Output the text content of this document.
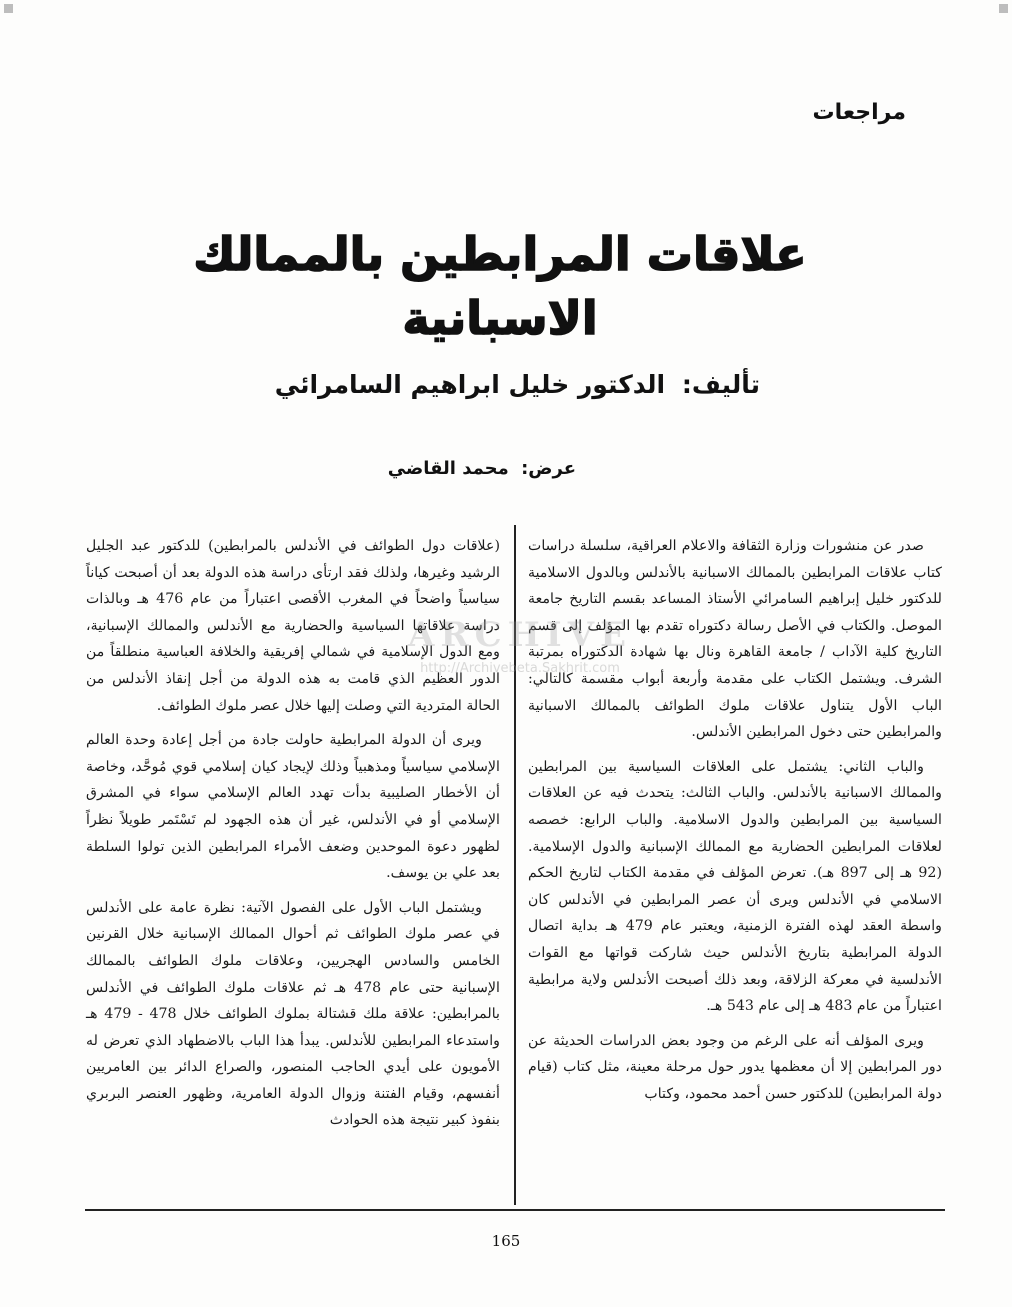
مراجعات
علاقات المرابطين بالممالك
الاسبانية
تأليف: الدكتور خليل ابراهيم السامرائي
عرض: محمد القاضي

صدر عن منشورات وزارة الثقافة والاعلام العراقية، سلسلة دراسات كتاب علاقات المرابطين بالممالك الاسبانية بالأندلس وبالدول الاسلامية للدكتور خليل إبراهيم السامرائي الأستاذ المساعد بقسم التاريخ جامعة الموصل. والكتاب في الأصل رسالة دكتوراه تقدم بها المؤلف إلى قسم التاريخ كلية الآداب / جامعة القاهرة ونال بها شهادة الدكتوراه بمرتبة الشرف. ويشتمل الكتاب على مقدمة وأربعة أبواب مقسمة كالتالي: الباب الأول يتناول علاقات ملوك الطوائف بالممالك الاسبانية والمرابطين حتى دخول المرابطين الأندلس.

والباب الثاني: يشتمل على العلاقات السياسية بين المرابطين والممالك الاسبانية بالأندلس. والباب الثالث: يتحدث فيه عن العلاقات السياسية بين المرابطين والدول الاسلامية. والباب الرابع: خصصه لعلاقات المرابطين الحضارية مع الممالك الإسبانية والدول الإسلامية. (92 هـ إلى 897 هـ). تعرض المؤلف في مقدمة الكتاب لتاريخ الحكم الاسلامي في الأندلس ويرى أن عصر المرابطين في الأندلس كان واسطة العقد لهذه الفترة الزمنية، ويعتبر عام 479 هـ بداية اتصال الدولة المرابطية بتاريخ الأندلس حيث شاركت قواتها مع القوات الأندلسية في معركة الزلاقة، وبعد ذلك أصبحت الأندلس ولاية مرابطية اعتباراً من عام 483 هـ إلى عام 543 هـ.

ويرى المؤلف أنه على الرغم من وجود بعض الدراسات الحديثة عن دور المرابطين إلا أن معظمها يدور حول مرحلة معينة، مثل كتاب (قيام دولة المرابطين) للدكتور حسن أحمد محمود، وكتاب

(علاقات دول الطوائف في الأندلس بالمرابطين) للدكتور عبد الجليل الرشيد وغيرها، ولذلك فقد ارتأى دراسة هذه الدولة بعد أن أصبحت كياناً سياسياً واضحاً في المغرب الأقصى اعتباراً من عام 476 هـ وبالذات دراسة علاقاتها السياسية والحضارية مع الأندلس والممالك الإسبانية، ومع الدول الإسلامية في شمالي إفريقية والخلافة العباسية منطلقاً من الدور العظيم الذي قامت به هذه الدولة من أجل إنقاذ الأندلس من الحالة المتردية التي وصلت إليها خلال عصر ملوك الطوائف.

ويرى أن الدولة المرابطية حاولت جادة من أجل إعادة وحدة العالم الإسلامي سياسياً ومذهبياً وذلك لإيجاد كيان إسلامي قوي مُوحَّد، وخاصة أن الأخطار الصليبية بدأت تهدد العالم الإسلامي سواء في المشرق الإسلامي أو في الأندلس، غير أن هذه الجهود لم تَسْتَمر طويلاً نظراً لظهور دعوة الموحدين وضعف الأمراء المرابطين الذين تولوا السلطة بعد علي بن يوسف.

ويشتمل الباب الأول على الفصول الآتية: نظرة عامة على الأندلس في عصر ملوك الطوائف ثم أحوال الممالك الإسبانية خلال القرنين الخامس والسادس الهجريين، وعلاقات ملوك الطوائف بالممالك الإسبانية حتى عام 478 هـ ثم علاقات ملوك الطوائف في الأندلس بالمرابطين: علاقة ملك قشتالة بملوك الطوائف خلال 478 - 479 هـ واستدعاء المرابطين للأندلس. يبدأ هذا الباب بالاضطهاد الذي تعرض له الأمويون على أيدي الحاجب المنصور، والصراع الدائر بين العامريين أنفسهم، وقيام الفتنة وزوال الدولة العامرية، وظهور العنصر البربري بنفوذ كبير نتيجة هذه الحوادث

ARCHIVE
http://Archivebeta.Sakhrit.com
165
